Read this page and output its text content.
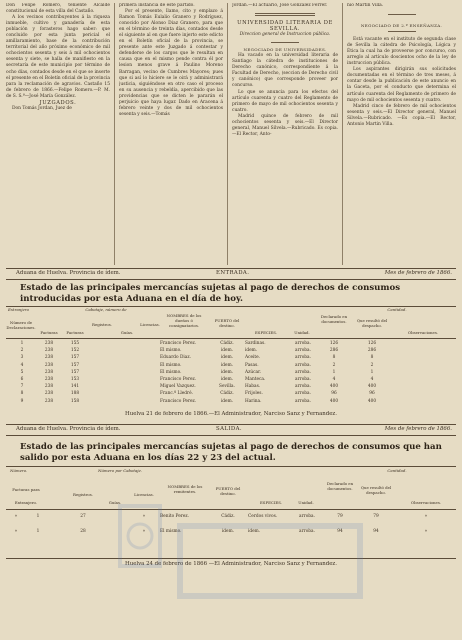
Don Felipe Romero, teniente Alcalde constitucional de esta villa del Castaño.

A los vecinos contribuyentes á la riqueza inmueble, cultivo y ganadería de esta población y forasteros hago saber: que concluido por esta junta pericial el amillaramiento, base de la contribución territorial del año próximo económico de mil ochocientos sesenta y seis á mil ochocientos sesenta y siete, se halla de manifiesto en la secretaría de este municipio por término de ocho días, contados desde en el que se inserte el presente en el Boletín oficial de la provincia para la reclamación de agravios. Castaño 15 de febrero de 1866.—Felipe Romero.—P. M. de S. S.ª—José María González.

JUZGADOS.

Don Tomás Jordan, Juez de

primera instancia de este partido.

Por el presente, llamo, cito y emplazo á Ramon Tomás Eulalio Granero y Rodríguez, conocido por Alonso Diaz Granero, para que en el término de treinta días, contados desde el siguiente al en que fuere injerto este edicto en el Boletín oficial de la provincia, se presente ante este Juzgado á contestar y defenderse de los cargos que le resultan en causa que en el mismo pende contra él por lesion menos grave á Paulino Moreno Barragan, vecino de Cumbres Mayores; pues que si así lo hiciere se le oirá y administrará justicia, siguiéndose en otro caso el proceso en su ausencia y rebeldía, apercibido que las providencias que se dicten le pararán el perjuicio que haya lugar. Dado en Aracena á febrero veinte y dos de mil ochocientos sesenta y seis.—Tomás

Jordan.—El actuario, José González Ferrer.

UNIVERSIDAD LITERARIA DE

SEVILLA.

Direccion general de Instruccion pública.

NEGOCIADO DE UNIVERSIDADES.

Ha vacado en la universidad literaria de Santiago la cátedra de instituciones de Derecho canónico, correspondiente á la Facultad de Derecho, (seccion de Derecho civil y canónico) que corresponde proveer por concurso.

Lo que se anuncia para los efectos del artículo cuarenta y cuatro del Reglamento de primero de mayo de mil ochocientos sesenta y cuatro.

Madrid quince de febrero de mil ochocientos sesenta y seis.—El Director general, Manuel Silvela.—Rubricado. Es copia.—El Rector, Anto-

nio Martin Villa.

NEGOCIADO DE 2.º ENSEÑANZA.

Está vacante en el instituto de segunda clase de Sevilla la cátedra de Psicología, Lógica y Ética la cual ha de proveerse por concurso, con arreglo al artículo doscientos ocho de la ley de instruccion pública.

Los aspirantes dirigirán sus solicitudes documentadas en el término de tres meses, á contar desde la publicación de este anuncio en la Gaceta, por el conducto que determina el artículo cuarenta del Reglamento de primero de mayo de mil ochocientos sesenta y cuatro.

Madrid cinco de febrero de mil ochocientos sesenta y seis.—El Director general, Manuel Silvela.—Rubricado. —Es copia.—El Rector, Antonio Martin Villa.

Aduana de Huelva. Provincia de ídem.	ENTRADA.	Mes de febrero de 1866.
Estado de las principales mercancías sujetas al pago de derechos de consumos introducidas por esta Aduana en el día de hoy.
Extranjero	Cabotaje, número de	Cantidad.
Número de Declaraciones.
Facturas	Facturas
Registros.
Guías.
Licencias.
NOMBRES de los dueños ó consignatarios.
PUERTO del destino.
ESPECIES.	Unidad.
Declarado en documentos.	Que resultó del despacho.
Observaciones.
1	238	155	Francisco Perez.	Cádiz.	Sardinas.	arroba.	126	126
2	238	152	El mismo.	idem.	idem.	arroba.	286	286
3	238	157	Eduardo Diaz.	idem.	Aceite.	arroba.	8	8
4	238	157	El mismo.	idem.	Pasas.	arroba.	2	2
5	238	157	El mismo.	idem.	Azúcar.	arroba.	1	1
6	238	153	Francisco Perez.	idem.	Manteca.	arroba.	4	4
7	238	141	Miguel Vazquez.	Sevilla.	Habas.	arroba.	400	400
8	238	188	Franc.º Lledré.	Cádiz.	Frijoles.	arroba.	96	96
9	238	158	Francisco Perez.	idem.	Harina.	arroba.	400	400
Huelva 21 de febrero de 1866.—El Administrador, Narciso Sanz y Fernandez.
Aduana de Huelva. Provincia de ídem.	SALIDA.	Mes de febrero de 1866.
Estado de las principales mercancías sujetas al pago de derechos de consumos que han salido por esta Aduana en los días 22 y 23 del actual.
Número.	Número por Cabotaje.	Cantidad.
Facturas para
Extranjero.
Registros.
Guías.
Licencias.
NOMBRES de los remitentes.
PUERTO del destino.
ESPECIES.	Unidad.
Declarado en documentos.	Que resultó del despacho.
Observaciones.
»	1	27	»	Benito Perez.	Cádiz.	Cerdos vivos.	arroba.	79	79	»
»	1	28	»	El mismo.	idem.	idem.	arroba.	94	94	»
Huelva 24 de febrero de 1866 —El Administrador, Narciso Sanz y Fernandez.
